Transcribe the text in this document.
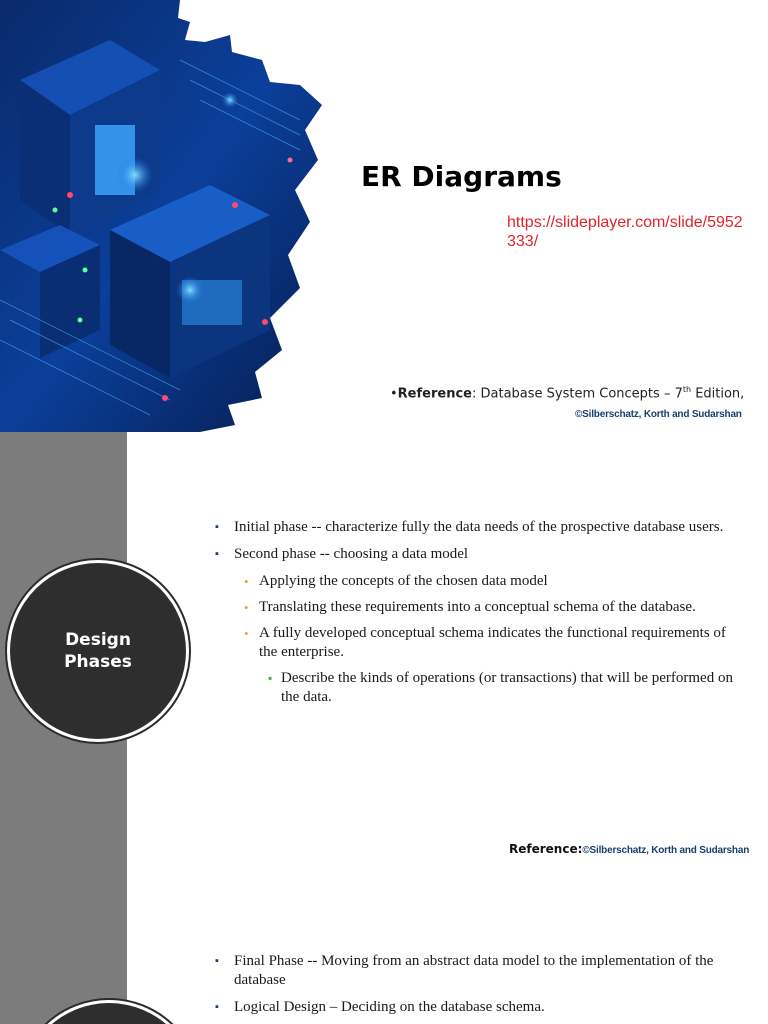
ER Diagrams
https://slideplayer.com/slide/5952333/
•Reference: Database System Concepts – 7th Edition,
©Silberschatz, Korth and Sudarshan
Design Phases
▪ Initial phase -- characterize fully the data needs of the prospective database users.
▪ Second phase -- choosing a data model
• Applying the concepts of the chosen data model
• Translating these requirements into a conceptual schema of the database.
• A fully developed conceptual schema indicates the functional requirements of the enterprise.
▪ Describe the kinds of operations (or transactions) that will be performed on the data.
Reference:©Silberschatz, Korth and Sudarshan
▪ Final Phase -- Moving from an abstract data model to the implementation of the database
▪ Logical Design – Deciding on the database schema.
